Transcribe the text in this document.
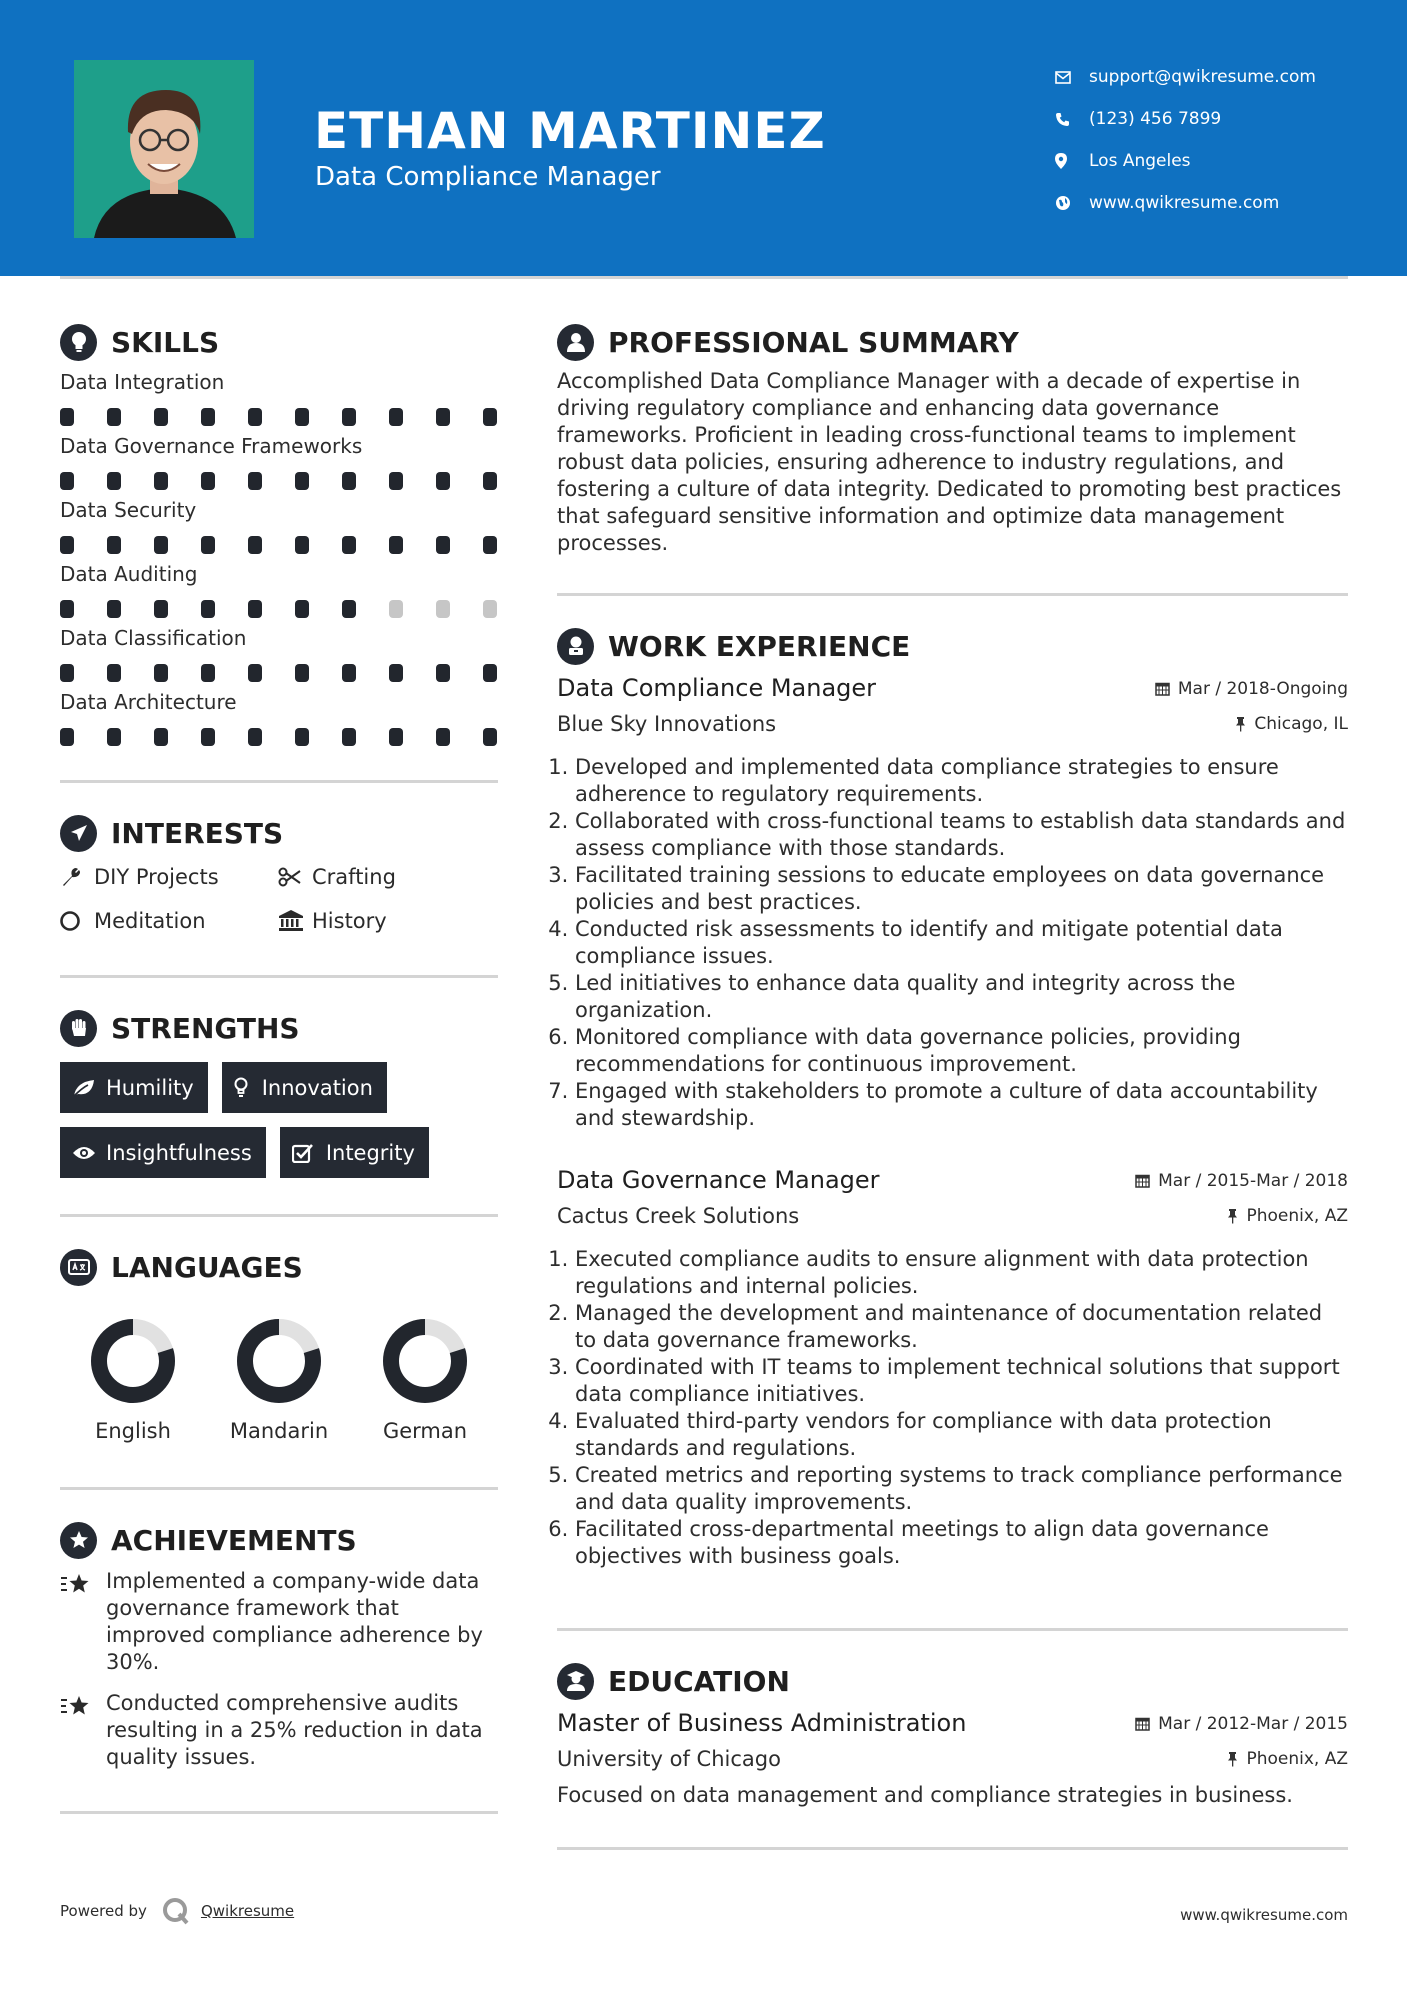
ETHAN MARTINEZ
Data Compliance Manager
support@qwikresume.com
(123) 456 7899
Los Angeles
www.qwikresume.com
SKILLS
Data Integration
Data Governance Frameworks
Data Security
Data Auditing
Data Classification
Data Architecture
INTERESTS
DIY Projects	Crafting
Meditation	History
STRENGTHS
Humility	Innovation
Insightfulness	Integrity
LANGUAGES
English	Mandarin	German
ACHIEVEMENTS
Implemented a company-wide data governance framework that improved compliance adherence by 30%.
Conducted comprehensive audits resulting in a 25% reduction in data quality issues.
PROFESSIONAL SUMMARY
Accomplished Data Compliance Manager with a decade of expertise in driving regulatory compliance and enhancing data governance frameworks. Proficient in leading cross-functional teams to implement robust data policies, ensuring adherence to industry regulations, and fostering a culture of data integrity. Dedicated to promoting best practices that safeguard sensitive information and optimize data management processes.
WORK EXPERIENCE
Data Compliance Manager	Mar / 2018-Ongoing
Blue Sky Innovations	Chicago, IL
1. Developed and implemented data compliance strategies to ensure adherence to regulatory requirements.
2. Collaborated with cross-functional teams to establish data standards and assess compliance with those standards.
3. Facilitated training sessions to educate employees on data governance policies and best practices.
4. Conducted risk assessments to identify and mitigate potential data compliance issues.
5. Led initiatives to enhance data quality and integrity across the organization.
6. Monitored compliance with data governance policies, providing recommendations for continuous improvement.
7. Engaged with stakeholders to promote a culture of data accountability and stewardship.
Data Governance Manager	Mar / 2015-Mar / 2018
Cactus Creek Solutions	Phoenix, AZ
1. Executed compliance audits to ensure alignment with data protection regulations and internal policies.
2. Managed the development and maintenance of documentation related to data governance frameworks.
3. Coordinated with IT teams to implement technical solutions that support data compliance initiatives.
4. Evaluated third-party vendors for compliance with data protection standards and regulations.
5. Created metrics and reporting systems to track compliance performance and data quality improvements.
6. Facilitated cross-departmental meetings to align data governance objectives with business goals.
EDUCATION
Master of Business Administration	Mar / 2012-Mar / 2015
University of Chicago	Phoenix, AZ
Focused on data management and compliance strategies in business.
Powered by	Qwikresume	www.qwikresume.com
